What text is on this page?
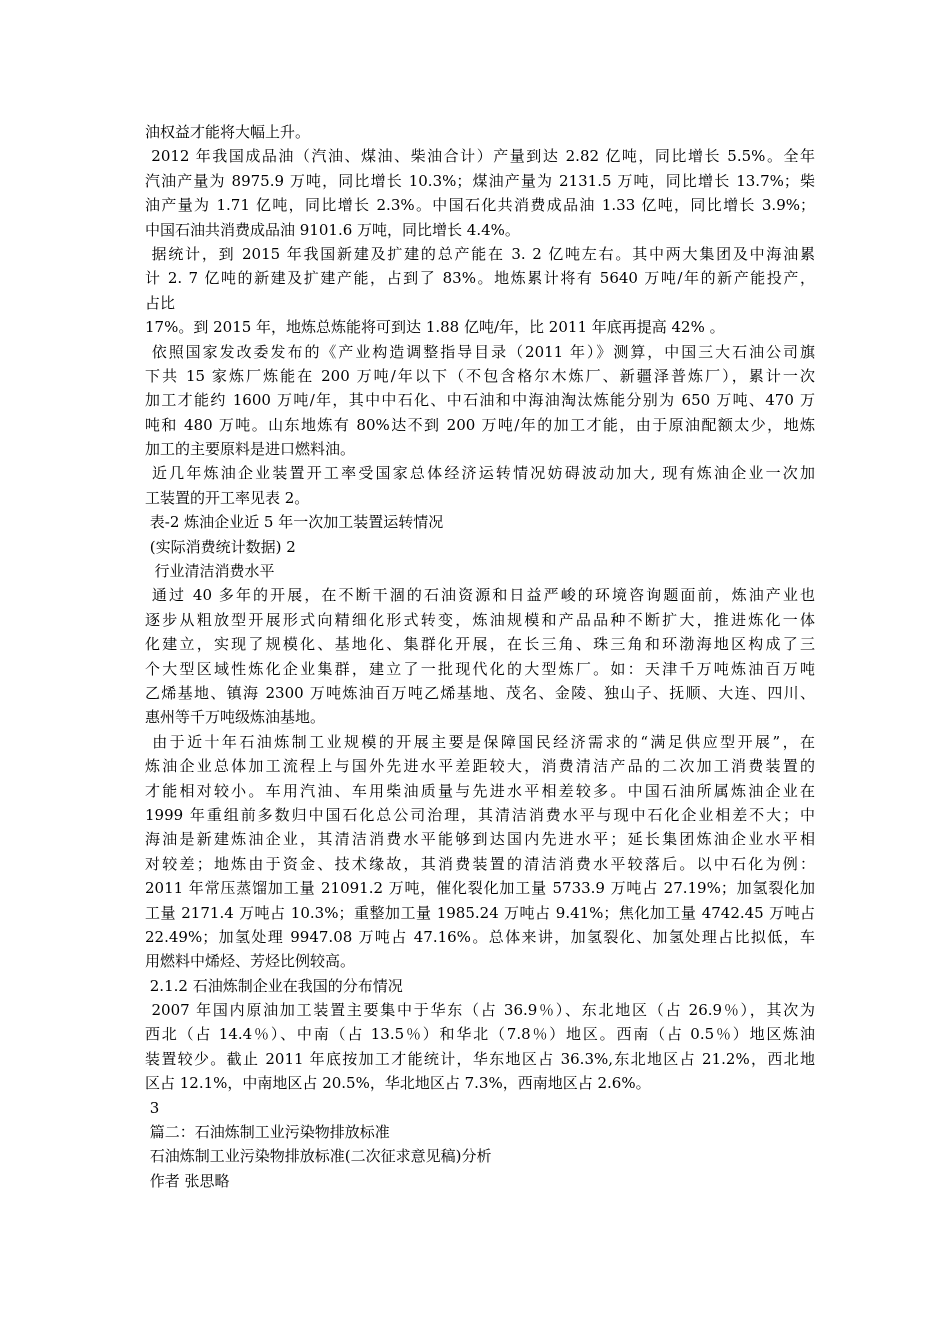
油权益才能将大幅上升。
2012 年我国成品油（汽油、煤油、柴油合计）产量到达 2.82 亿吨，同比增长 5.5%。全年
汽油产量为 8975.9 万吨，同比增长 10.3%；煤油产量为 2131.5 万吨，同比增长 13.7%；柴
油产量为 1.71 亿吨，同比增长 2.3%。中国石化共消费成品油 1.33 亿吨，同比增长 3.9%；
中国石油共消费成品油 9101.6 万吨，同比增长 4.4%。
据统计，到 2015 年我国新建及扩建的总产能在 3. 2 亿吨左右。其中两大集团及中海油累
计 2. 7 亿吨的新建及扩建产能，占到了 83%。地炼累计将有 5640 万吨/年的新产能投产，
占比
17%。到 2015 年，地炼总炼能将可到达 1.88 亿吨/年，比 2011 年底再提高 42% 。
依照国家发改委发布的《产业构造调整指导目录（2011 年）》测算，中国三大石油公司旗
下共 15 家炼厂炼能在 200 万吨/年以下（不包含格尔木炼厂、新疆泽普炼厂），累计一次
加工才能约 1600 万吨/年，其中中石化、中石油和中海油淘汰炼能分别为 650 万吨、470 万
吨和 480 万吨。山东地炼有 80%达不到 200 万吨/年的加工才能，由于原油配额太少，地炼
加工的主要原料是进口燃料油。
近几年炼油企业装置开工率受国家总体经济运转情况妨碍波动加大, 现有炼油企业一次加
工装置的开工率见表 2。
表-2 炼油企业近 5 年一次加工装置运转情况
(实际消费统计数据) 2
行业清洁消费水平
通过 40 多年的开展，在不断干涸的石油资源和日益严峻的环境咨询题面前，炼油产业也
逐步从粗放型开展形式向精细化形式转变，炼油规模和产品品种不断扩大，推进炼化一体
化建立，实现了规模化、基地化、集群化开展，在长三角、珠三角和环渤海地区构成了三
个大型区域性炼化企业集群，建立了一批现代化的大型炼厂。如：天津千万吨炼油百万吨
乙烯基地、镇海 2300 万吨炼油百万吨乙烯基地、茂名、金陵、独山子、抚顺、大连、四川、
惠州等千万吨级炼油基地。
由于近十年石油炼制工业规模的开展主要是保障国民经济需求的“满足供应型开展”，在
炼油企业总体加工流程上与国外先进水平差距较大，消费清洁产品的二次加工消费装置的
才能相对较小。车用汽油、车用柴油质量与先进水平相差较多。中国石油所属炼油企业在
1999 年重组前多数归中国石化总公司治理，其清洁消费水平与现中石化企业相差不大；中
海油是新建炼油企业，其清洁消费水平能够到达国内先进水平；延长集团炼油企业水平相
对较差；地炼由于资金、技术缘故，其消费装置的清洁消费水平较落后。以中石化为例：
2011 年常压蒸馏加工量 21091.2 万吨，催化裂化加工量 5733.9 万吨占 27.19%；加氢裂化加
工量 2171.4 万吨占 10.3%；重整加工量 1985.24 万吨占 9.41%；焦化加工量 4742.45 万吨占
22.49%；加氢处理 9947.08 万吨占 47.16%。总体来讲，加氢裂化、加氢处理占比拟低，车
用燃料中烯烃、芳烃比例较高。
2.1.2 石油炼制企业在我国的分布情况
2007 年国内原油加工装置主要集中于华东（占 36.9％）、东北地区（占 26.9％），其次为
西北（占 14.4％）、中南（占 13.5％）和华北（7.8％）地区。西南（占 0.5％）地区炼油
装置较少。截止 2011 年底按加工才能统计，华东地区占 36.3%,东北地区占 21.2%，西北地
区占 12.1%，中南地区占 20.5%，华北地区占 7.3%，西南地区占 2.6%。
3
篇二：石油炼制工业污染物排放标准
石油炼制工业污染物排放标准(二次征求意见稿)分析
作者 张思略
